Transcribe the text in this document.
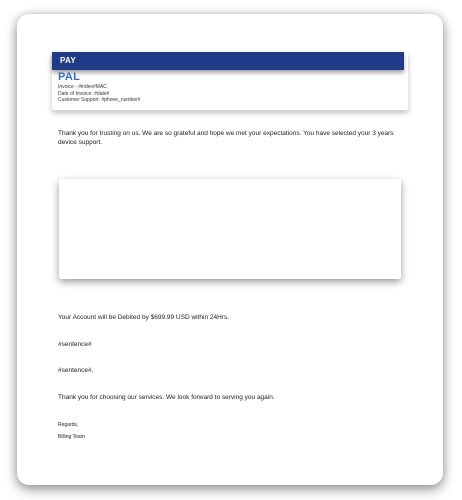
PAY
PAL
Invoice - #index#MAC
Date of Invoice: #date#
Customer Support: #phone_number#
Thank you for trusting on us. We are so grateful and hope we met your expectations. You have selected your 3 years device support.
Your Account will be Debited by $699.99 USD within 24Hrs.
#sentence#
#sentence#.
Thank you for choosing our services. We look forward to serving you again.
Regards,
Billing Team
